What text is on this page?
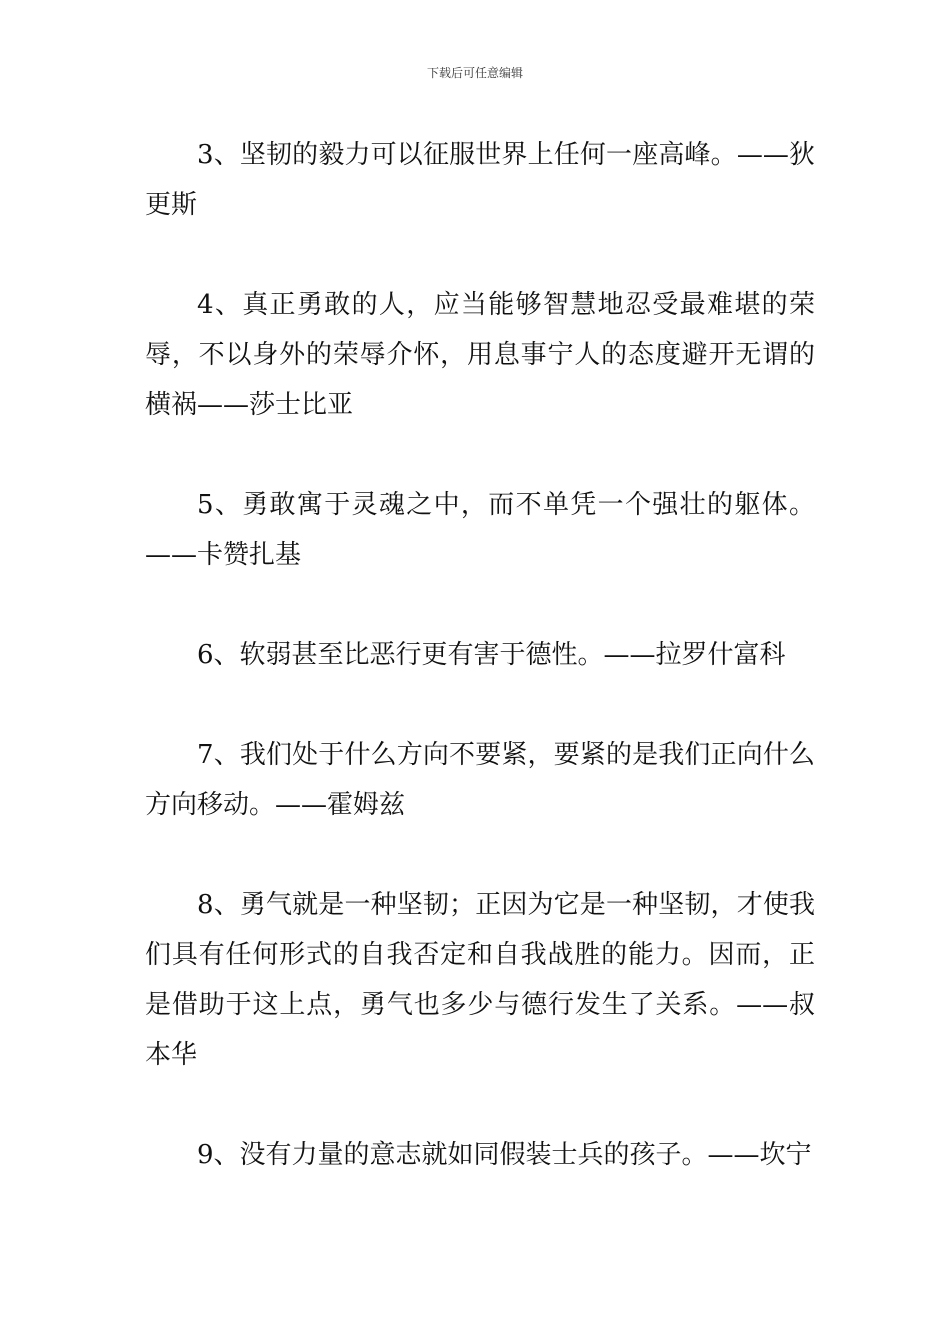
下载后可任意编辑

3、坚韧的毅力可以征服世界上任何一座高峰。——狄更斯

4、真正勇敢的人，应当能够智慧地忍受最难堪的荣辱，不以身外的荣辱介怀，用息事宁人的态度避开无谓的横祸——莎士比亚

5、勇敢寓于灵魂之中，而不单凭一个强壮的躯体。——卡赞扎基

6、软弱甚至比恶行更有害于德性。——拉罗什富科

7、我们处于什么方向不要紧，要紧的是我们正向什么方向移动。——霍姆兹

8、勇气就是一种坚韧；正因为它是一种坚韧，才使我们具有任何形式的自我否定和自我战胜的能力。因而，正是借助于这上点，勇气也多少与德行发生了关系。——叔本华

9、没有力量的意志就如同假装士兵的孩子。——坎宁
